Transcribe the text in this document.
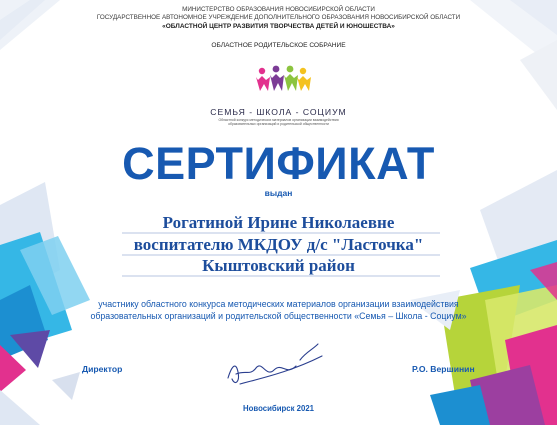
МИНИСТЕРСТВО ОБРАЗОВАНИЯ НОВОСИБИРСКОЙ ОБЛАСТИ
ГОСУДАРСТВЕННОЕ АВТОНОМНОЕ УЧРЕЖДЕНИЕ ДОПОЛНИТЕЛЬНОГО ОБРАЗОВАНИЯ НОВОСИБИРСКОЙ ОБЛАСТИ
«ОБЛАСТНОЙ ЦЕНТР РАЗВИТИЯ ТВОРЧЕСТВА ДЕТЕЙ И ЮНОШЕСТВА»
ОБЛАСТНОЕ РОДИТЕЛЬСКОЕ СОБРАНИЕ
СЕМЬЯ - ШКОЛА - СОЦИУМ
Областной конкурс методических материалов организации взаимодействия
образовательных организаций и родительской общественности
СЕРТИФИКАТ
выдан
Рогатиной Ирине Николаевне
воспитателю МКДОУ д/с "Ласточка"
Кыштовский район
участнику областного конкурса методических материалов организации взаимодействия
образовательных организаций и родительской общественности «Семья – Школа - Социум»
Директор	Р.О. Вершинин
Новосибирск 2021
